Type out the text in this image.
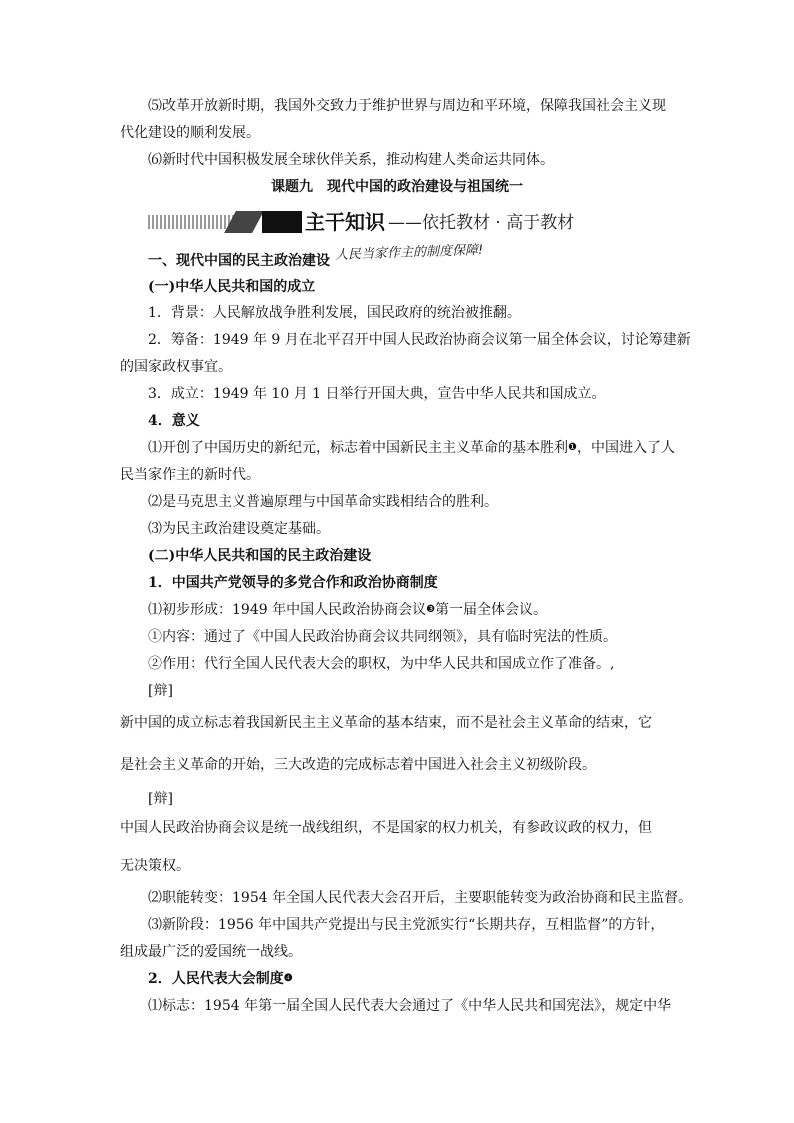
⑸改革开放新时期，我国外交致力于维护世界与周边和平环境，保障我国社会主义现
代化建设的顺利发展。
⑹新时代中国积极发展全球伙伴关系，推动构建人类命运共同体。
课题九　现代中国的政治建设与祖国统一
主干知识 ——依托教材 · 高于教材
一、现代中国的民主政治建设 人民当家作主的制度保障!
(一)中华人民共和国的成立
1．背景：人民解放战争胜利发展，国民政府的统治被推翻。
2．筹备：1949 年 9 月在北平召开中国人民政治协商会议第一届全体会议，讨论筹建新
的国家政权事宜。
3．成立：1949 年 10 月 1 日举行开国大典，宣告中华人民共和国成立。
4．意义
⑴开创了中国历史的新纪元，标志着中国新民主主义革命的基本胜利❶，中国进入了人
民当家作主的新时代。
⑵是马克思主义普遍原理与中国革命实践相结合的胜利。
⑶为民主政治建设奠定基础。
(二)中华人民共和国的民主政治建设
1．中国共产党领导的多党合作和政治协商制度
⑴初步形成：1949 年中国人民政治协商会议❸第一届全体会议。
①内容：通过了《中国人民政治协商会议共同纲领》，具有临时宪法的性质。
②作用：代行全国人民代表大会的职权，为中华人民共和国成立作了准备。,
[辩]
新中国的成立标志着我国新民主主义革命的基本结束，而不是社会主义革命的结束，它
是社会主义革命的开始，三大改造的完成标志着中国进入社会主义初级阶段。
[辩]
中国人民政治协商会议是统一战线组织，不是国家的权力机关，有参政议政的权力，但
无决策权。
⑵职能转变：1954 年全国人民代表大会召开后，主要职能转变为政治协商和民主监督。
⑶新阶段：1956 年中国共产党提出与民主党派实行“长期共存，互相监督”的方针，
组成最广泛的爱国统一战线。
2．人民代表大会制度❹
⑴标志：1954 年第一届全国人民代表大会通过了《中华人民共和国宪法》，规定中华
